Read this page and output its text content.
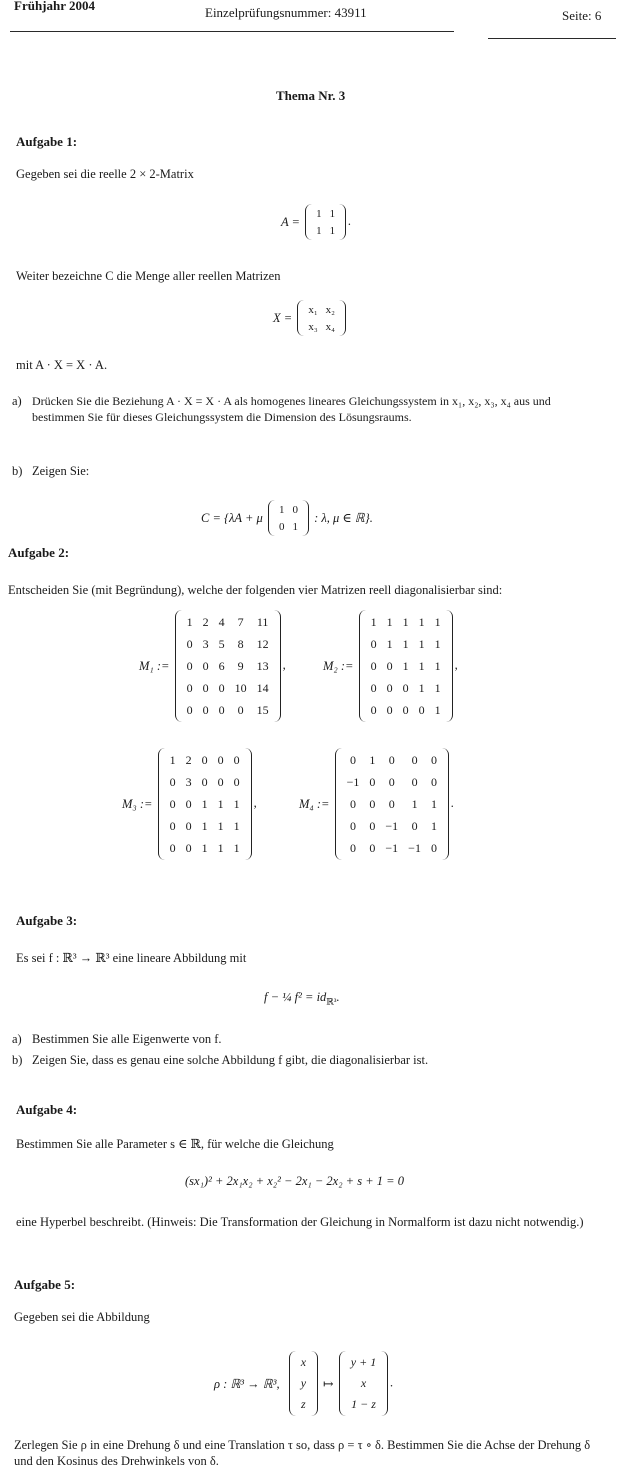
Frühjahr 2004	Einzelprüfungsnummer: 43911	Seite: 6
Thema Nr. 3
Aufgabe 1:
Gegeben sei die reelle 2 × 2-Matrix
A =
1	1
1	1
.
Weiter bezeichne C die Menge aller reellen Matrizen
X =
x₁	x₂
x₃	x₄
mit A · X = X · A.
a) Drücken Sie die Beziehung A · X = X · A als homogenes lineares Gleichungssystem in x₁, x₂, x₃, x₄ aus und bestimmen Sie für dieses Gleichungssystem die Dimension des Lösungsraums.
b) Zeigen Sie:
C = {λA + μ
1	0
0	1
: λ, μ ∈ ℝ}.
Aufgabe 2:
Entscheiden Sie (mit Begründung), welche der folgenden vier Matrizen reell diagonalisierbar sind:
M₁ :=
1	2	4	7	11
0	3	5	8	12
0	0	6	9	13
0	0	0	10	14
0	0	0	0	15
,	M₂ :=
1	1	1	1	1
0	1	1	1	1
0	0	1	1	1
0	0	0	1	1
0	0	0	0	1
,
M₃ :=
1	2	0	0	0
0	3	0	0	0
0	0	1	1	1
0	0	1	1	1
0	0	1	1	1
,	M₄ :=
0	1	0	0	0
−1	0	0	0	0
0	0	0	1	1
0	0	−1	0	1
0	0	−1	−1	0
.
Aufgabe 3:
Es sei f : ℝ³ → ℝ³ eine lineare Abbildung mit
f − ¼ $f^2 = id_{ℝ^3}$.
a) Bestimmen Sie alle Eigenwerte von f.
b) Zeigen Sie, dass es genau eine solche Abbildung f gibt, die diagonalisierbar ist.
Aufgabe 4:
Bestimmen Sie alle Parameter s ∈ ℝ, für welche die Gleichung
(sx₁)² + 2x₁x₂ + x₂² − 2x₁ − 2x₂ + s + 1 = 0
eine Hyperbel beschreibt. (Hinweis: Die Transformation der Gleichung in Normalform ist dazu nicht notwendig.)
Aufgabe 5:
Gegeben sei die Abbildung
ρ : ℝ³ → ℝ³,
x
y
z
↦
y + 1
x
1 − z
.
Zerlegen Sie ρ in eine Drehung δ und eine Translation τ so, dass ρ = τ ∘ δ. Bestimmen Sie die Achse der Drehung δ und den Kosinus des Drehwinkels von δ.
